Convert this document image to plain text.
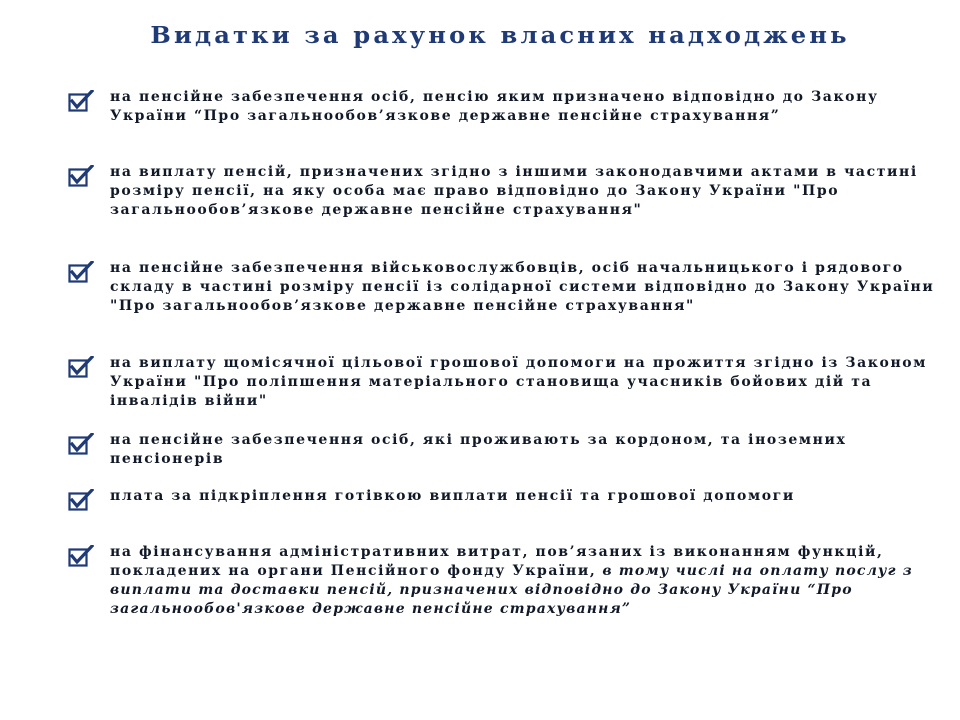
Видатки за рахунок власних надходжень
на пенсійне забезпечення осіб, пенсію яким призначено відповідно до Закону України “Про загальнообов’язкове державне пенсійне страхування”
на виплату пенсій, призначених згідно з іншими законодавчими актами в частині розміру пенсії, на яку особа має право відповідно до Закону України "Про загальнообов’язкове державне пенсійне страхування"
на пенсійне забезпечення військовослужбовців, осіб начальницького і рядового складу в частині розміру пенсії із солідарної системи відповідно до Закону України "Про загальнообов’язкове державне пенсійне страхування"
на виплату щомісячної цільової грошової допомоги на прожиття згідно із Законом України "Про поліпшення матеріального становища учасників бойових дій та інвалідів війни"
на пенсійне забезпечення осіб, які проживають за кордоном, та іноземних пенсіонерів
плата за підкріплення готівкою виплати пенсії та грошової допомоги
на фінансування адміністративних витрат, пов’язаних із виконанням функцій, покладених на органи Пенсійного фонду України, в тому числі на оплату послуг з виплати та доставки пенсій, призначених відповідно до Закону України “Про загальнообов'язкове державне пенсійне страхування”
